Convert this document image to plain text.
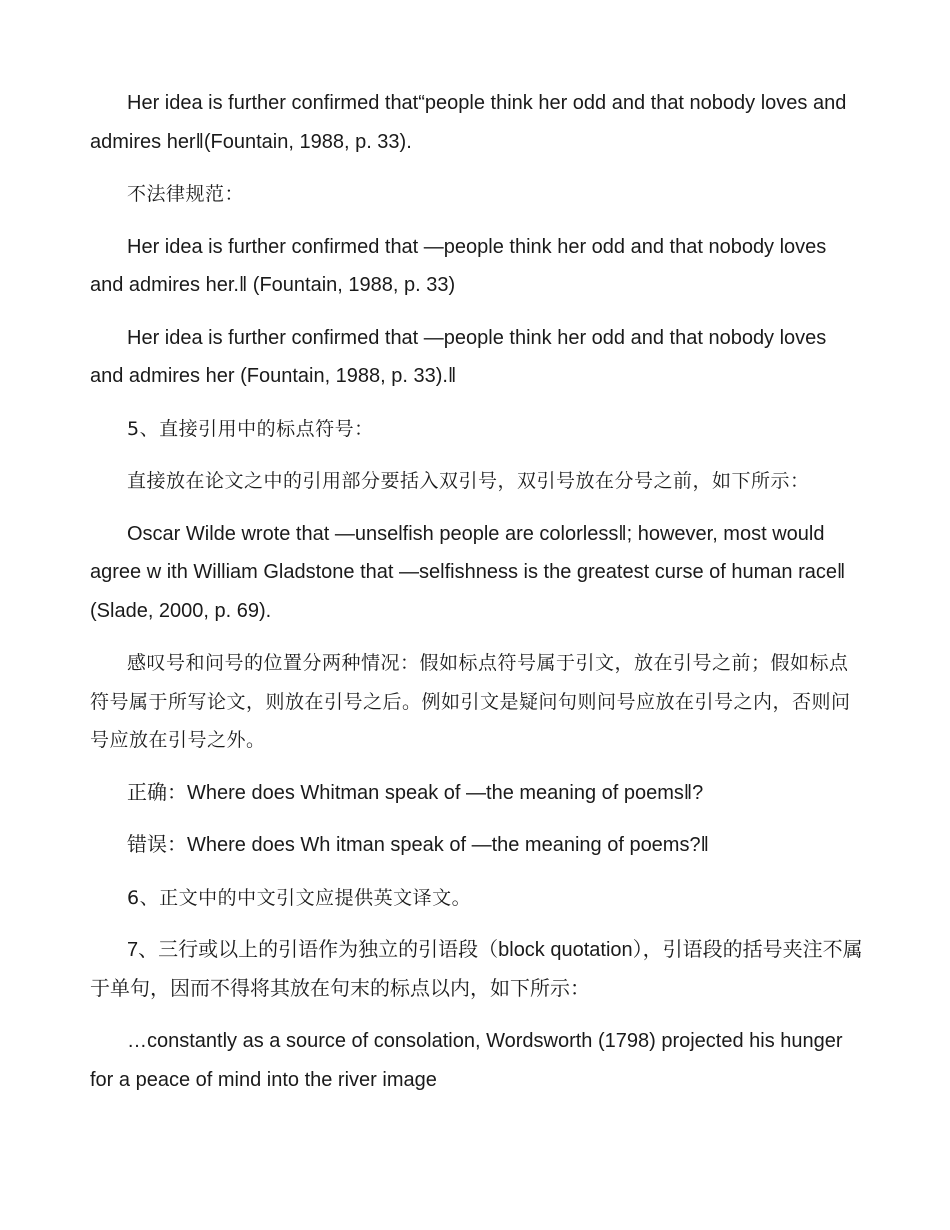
Her idea is further confirmed that“people think her odd and that nobody loves and admires herǁ(Fountain, 1988, p. 33).

不法律规范：

Her idea is further confirmed that —people think her odd and that nobody loves and admires her.ǁ (Fountain, 1988, p. 33)

Her idea is further confirmed that —people think her odd and that nobody loves and admires her (Fountain, 1988, p. 33).ǁ

5、直接引用中的标点符号：

直接放在论文之中的引用部分要括入双引号，双引号放在分号之前，如下所示：

Oscar Wilde wrote that —unselfish people are colorlessǁ; however, most would agree w ith William Gladstone that —selfishness is the greatest curse of human raceǁ (Slade, 2000, p. 69).

感叹号和问号的位置分两种情况：假如标点符号属于引文，放在引号之前；假如标点符号属于所写论文，则放在引号之后。例如引文是疑问句则问号应放在引号之内，否则问号应放在引号之外。

正确：Where does Whitman speak of —the meaning of poemsǁ?

错误：Where does Wh itman speak of —the meaning of poems?ǁ

6、正文中的中文引文应提供英文译文。

7、三行或以上的引语作为独立的引语段（block quotation），引语段的括号夹注不属于单句，因而不得将其放在句末的标点以内，如下所示：

…constantly as a source of consolation, Wordsworth (1798) projected his hunger for a peace of mind into the river image
